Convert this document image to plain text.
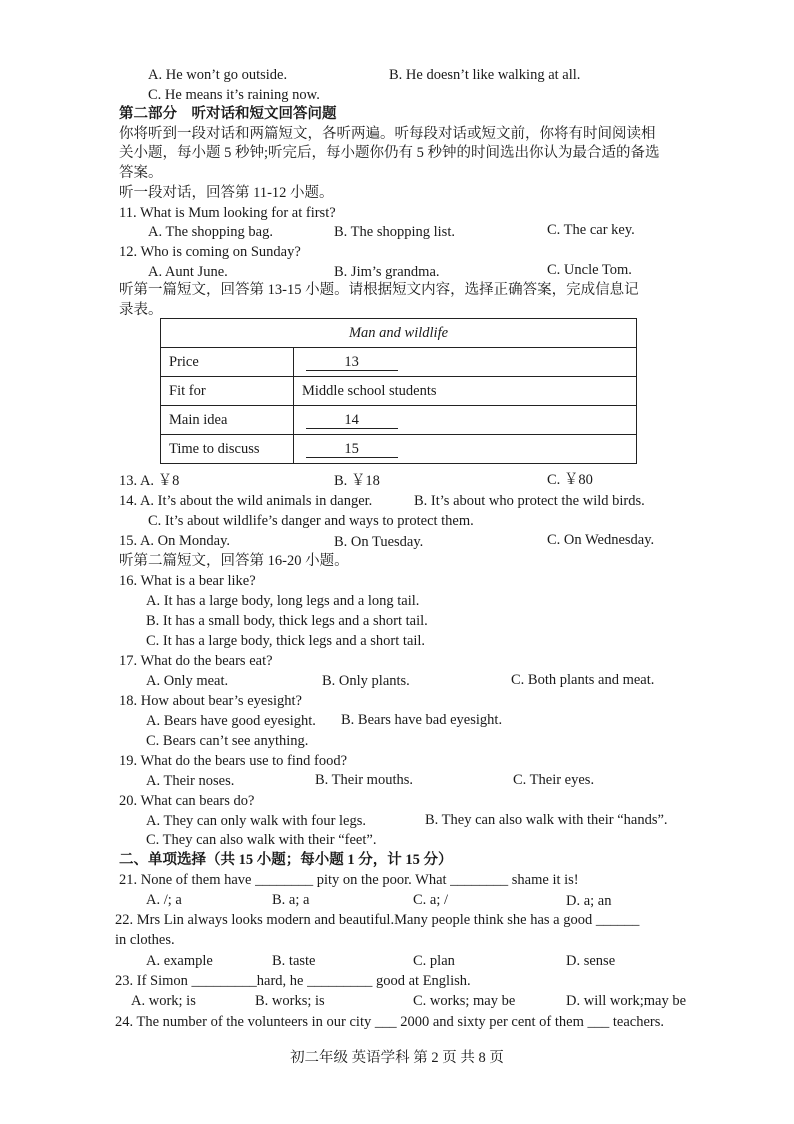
A. He won’t go outside.	B. He doesn’t like walking at all.
C. He means it’s raining now.
第二部分　听对话和短文回答问题
你将听到一段对话和两篇短文，各听两遍。听每段对话或短文前，你将有时间阅读相
关小题，每小题 5 秒钟;听完后，每小题你仍有 5 秒钟的时间选出你认为最合适的备选
答案。
听一段对话，回答第 11-12 小题。
11. What is Mum looking for at first?
A. The shopping bag.	B. The shopping list.	C. The car key.
12. Who is coming on Sunday?
A. Aunt June.	B. Jim’s grandma.	C. Uncle Tom.
听第一篇短文，回答第 13-15 小题。请根据短文内容，选择正确答案，完成信息记
录表。
Man and wildlife	
Price	13
Fit for	Middle school students
Main idea	14
Time to discuss	15
13. A. ￥8	B. ￥18	C. ￥80
14. A. It’s about the wild animals in danger.	B. It’s about who protect the wild birds.
C. It’s about wildlife’s danger and ways to protect them.
15. A. On Monday.	B. On Tuesday.	C. On Wednesday.
听第二篇短文，回答第 16-20 小题。
16. What is a bear like?
A. It has a large body, long legs and a long tail.
B. It has a small body, thick legs and a short tail.
C. It has a large body, thick legs and a short tail.
17. What do the bears eat?
A. Only meat.	B. Only plants.	C. Both plants and meat.
18. How about bear’s eyesight?
A. Bears have good eyesight. B. Bears have bad eyesight.
C. Bears can’t see anything.
19. What do the bears use to find food?
A. Their noses.	B. Their mouths.	C. Their eyes.
20. What can bears do?
A. They can only walk with four legs.	B. They can also walk with their “hands”.
C. They can also walk with their “feet”.
二、单项选择（共 15 小题；每小题 1 分，计 15 分）
21. None of them have ________ pity on the poor. What ________ shame it is!
A. /; a	B. a; a	C. a; /	D. a; an
22. Mrs Lin always looks modern and beautiful.Many people think she has a good ______
in clothes.
A. example	B. taste	C. plan	D. sense
23. If Simon _________hard, he _________ good at English.
A. work; is	B. works; is	C. works; may be	D. will work;may be
24. The number of the volunteers in our city ___ 2000 and sixty per cent of them ___ teachers.
初二年级 英语学科 第 2 页 共 8 页
